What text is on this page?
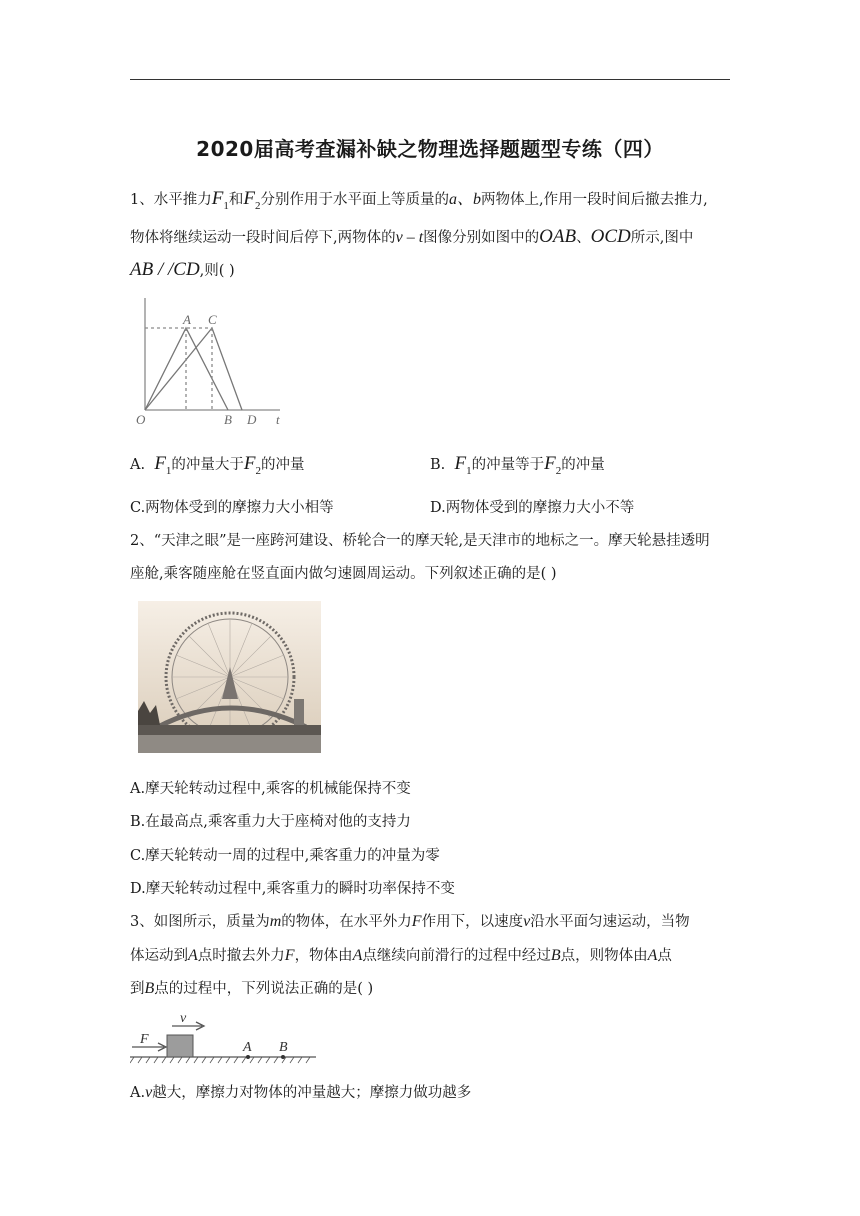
2020届高考查漏补缺之物理选择题题型专练（四）
1、水平推力$F_1$和$F_2$分别作用于水平面上等质量的a、b两物体上,作用一段时间后撤去推力,
物体将继续运动一段时间后停下,两物体的v – t图像分别如图中的OAB、OCD所示,图中
AB / /CD,则( )
A C
O	B D t
A. $F_1$的冲量大于$F_2$的冲量	B. $F_1$的冲量等于$F_2$的冲量
C.两物体受到的摩擦力大小相等	D.两物体受到的摩擦力大小不等
2、“天津之眼”是一座跨河建设、桥轮合一的摩天轮,是天津市的地标之一。摩天轮悬挂透明
座舱,乘客随座舱在竖直面内做匀速圆周运动。下列叙述正确的是( )
A.摩天轮转动过程中,乘客的机械能保持不变
B.在最高点,乘客重力大于座椅对他的支持力
C.摩天轮转动一周的过程中,乘客重力的冲量为零
D.摩天轮转动过程中,乘客重力的瞬时功率保持不变
3、如图所示，质量为m的物体，在水平外力F作用下，以速度v沿水平面匀速运动，当物
体运动到A点时撤去外力F，物体由A点继续向前滑行的过程中经过B点，则物体由A点
到B点的过程中，下列说法正确的是( )
F
v
A B
A.v越大，摩擦力对物体的冲量越大；摩擦力做功越多
